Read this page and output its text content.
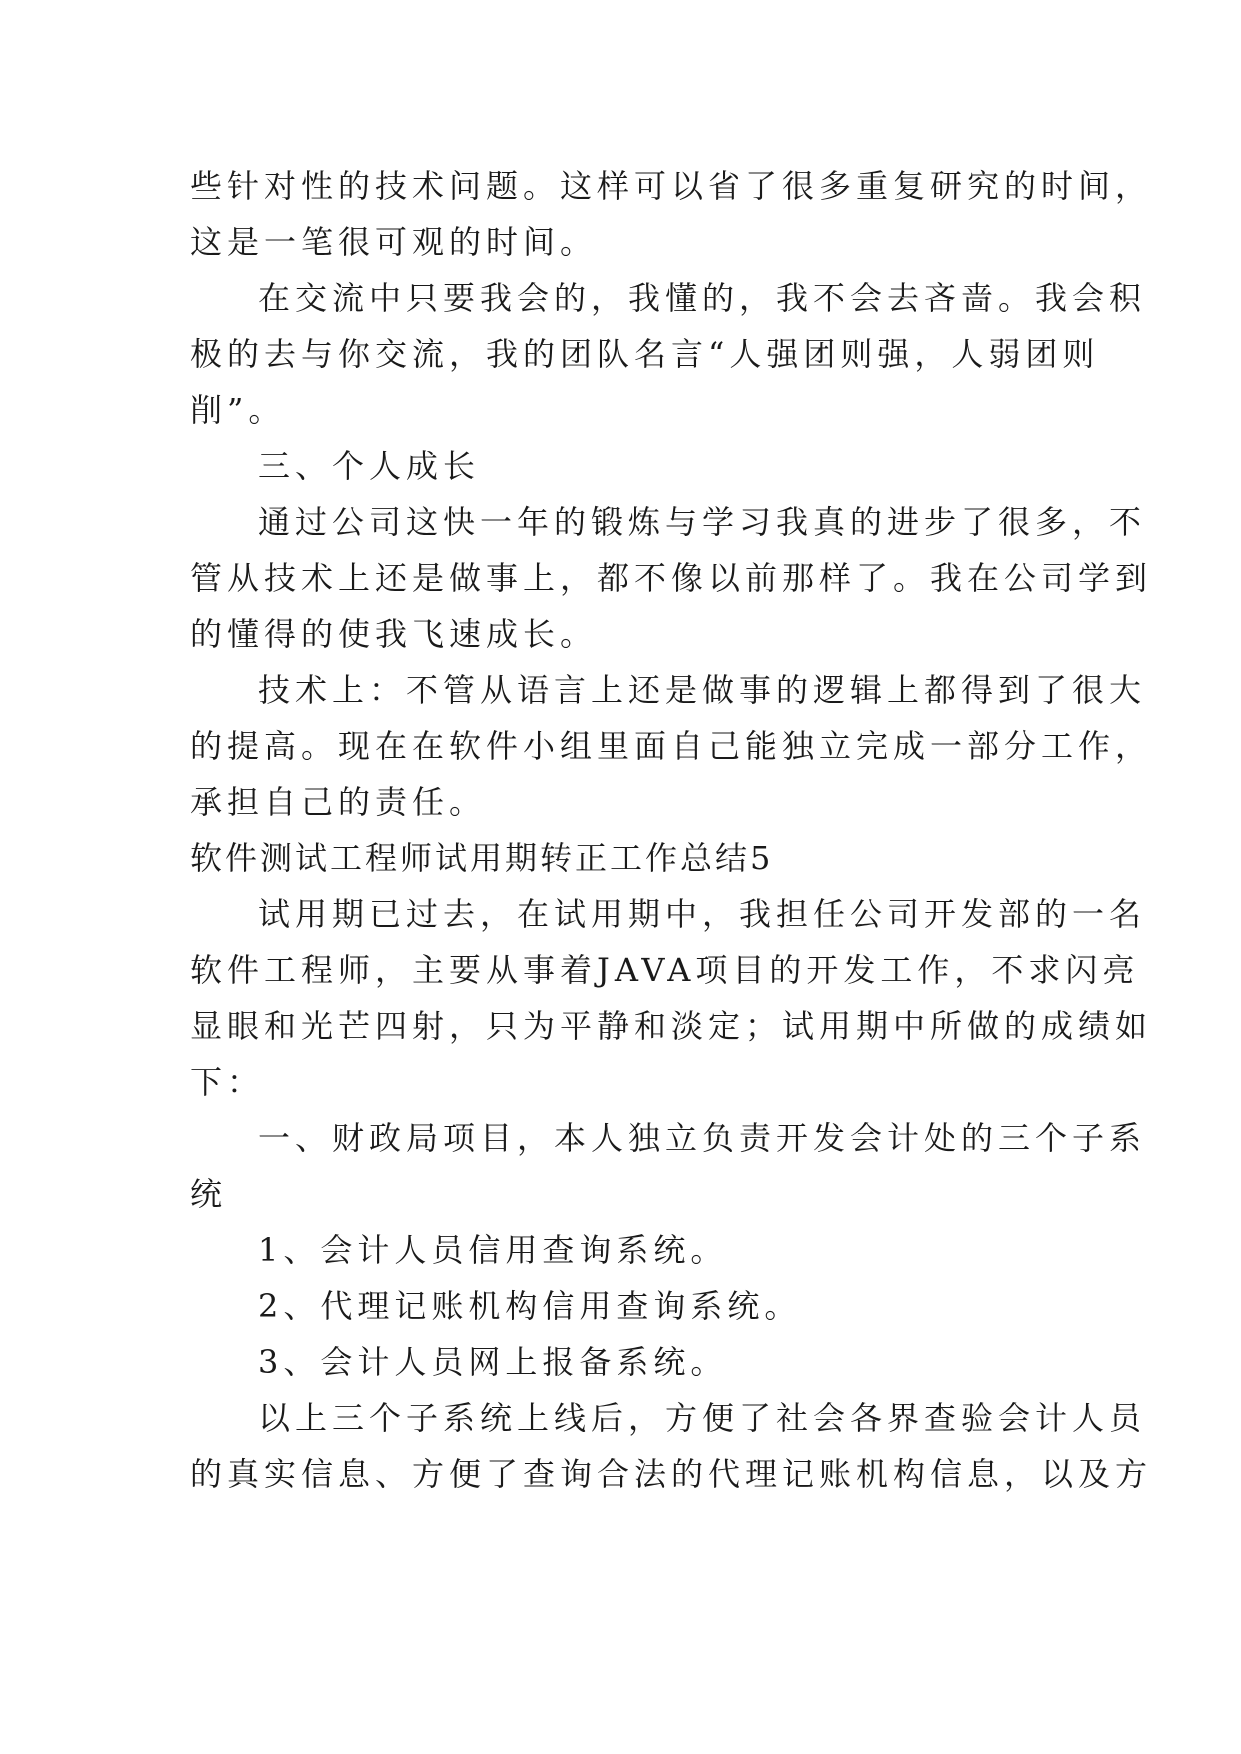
些针对性的技术问题。这样可以省了很多重复研究的时间，
这是一笔很可观的时间。
在交流中只要我会的，我懂的，我不会去吝啬。我会积
极的去与你交流，我的团队名言“人强团则强，人弱团则
削”。
三、个人成长
通过公司这快一年的锻炼与学习我真的进步了很多，不
管从技术上还是做事上，都不像以前那样了。我在公司学到
的懂得的使我飞速成长。
技术上：不管从语言上还是做事的逻辑上都得到了很大
的提高。现在在软件小组里面自己能独立完成一部分工作，
承担自己的责任。
软件测试工程师试用期转正工作总结5
试用期已过去，在试用期中，我担任公司开发部的一名
软件工程师，主要从事着JAVA项目的开发工作，不求闪亮
显眼和光芒四射，只为平静和淡定；试用期中所做的成绩如
下：
一、财政局项目，本人独立负责开发会计处的三个子系
统
1、会计人员信用查询系统。
2、代理记账机构信用查询系统。
3、会计人员网上报备系统。
以上三个子系统上线后，方便了社会各界查验会计人员
的真实信息、方便了查询合法的代理记账机构信息，以及方
